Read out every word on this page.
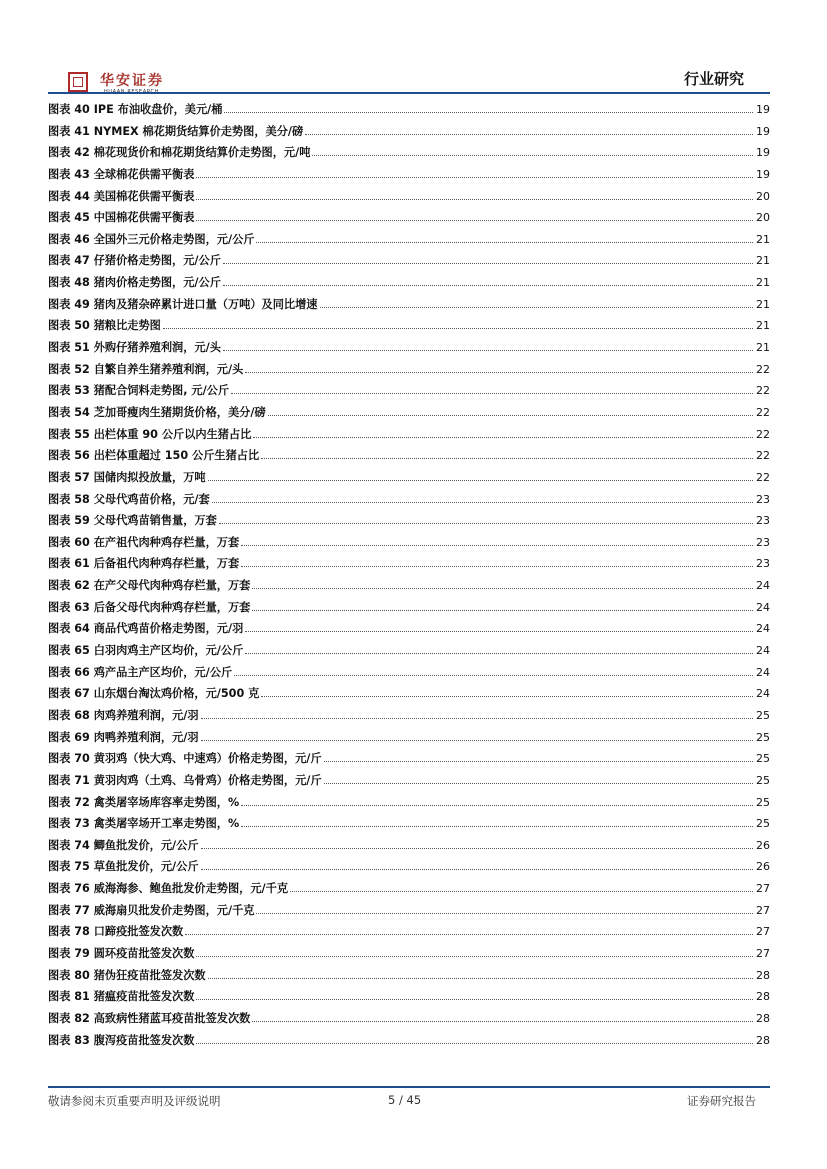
华安证券	行业研究
图表 40 IPE 布油收盘价，美元/桶	19
图表 41 NYMEX 棉花期货结算价走势图，美分/磅	19
图表 42 棉花现货价和棉花期货结算价走势图，元/吨	19
图表 43 全球棉花供需平衡表	19
图表 44 美国棉花供需平衡表	20
图表 45 中国棉花供需平衡表	20
图表 46 全国外三元价格走势图，元/公斤	21
图表 47 仔猪价格走势图，元/公斤	21
图表 48 猪肉价格走势图，元/公斤	21
图表 49 猪肉及猪杂碎累计进口量（万吨）及同比增速	21
图表 50 猪粮比走势图	21
图表 51 外购仔猪养殖利润，元/头	21
图表 52 自繁自养生猪养殖利润，元/头	22
图表 53 猪配合饲料走势图, 元/公斤	22
图表 54 芝加哥瘦肉生猪期货价格，美分/磅	22
图表 55 出栏体重 90 公斤以内生猪占比	22
图表 56 出栏体重超过 150 公斤生猪占比	22
图表 57 国储肉拟投放量，万吨	22
图表 58 父母代鸡苗价格，元/套	23
图表 59 父母代鸡苗销售量，万套	23
图表 60 在产祖代肉种鸡存栏量，万套	23
图表 61 后备祖代肉种鸡存栏量，万套	23
图表 62 在产父母代肉种鸡存栏量，万套	24
图表 63 后备父母代肉种鸡存栏量，万套	24
图表 64 商品代鸡苗价格走势图，元/羽	24
图表 65 白羽肉鸡主产区均价，元/公斤	24
图表 66 鸡产品主产区均价，元/公斤	24
图表 67 山东烟台淘汰鸡价格，元/500 克	24
图表 68 肉鸡养殖利润，元/羽	25
图表 69 肉鸭养殖利润，元/羽	25
图表 70 黄羽鸡（快大鸡、中速鸡）价格走势图，元/斤	25
图表 71 黄羽肉鸡（土鸡、乌骨鸡）价格走势图，元/斤	25
图表 72 禽类屠宰场库容率走势图，%	25
图表 73 禽类屠宰场开工率走势图，%	25
图表 74 鲫鱼批发价，元/公斤	26
图表 75 草鱼批发价，元/公斤	26
图表 76 威海海参、鲍鱼批发价走势图，元/千克	27
图表 77 威海扇贝批发价走势图，元/千克	27
图表 78 口蹄疫批签发次数	27
图表 79 圆环疫苗批签发次数	27
图表 80 猪伪狂疫苗批签发次数	28
图表 81 猪瘟疫苗批签发次数	28
图表 82 高致病性猪蓝耳疫苗批签发次数	28
图表 83 腹泻疫苗批签发次数	28
敬请参阅末页重要声明及评级说明	5 / 45	证券研究报告
